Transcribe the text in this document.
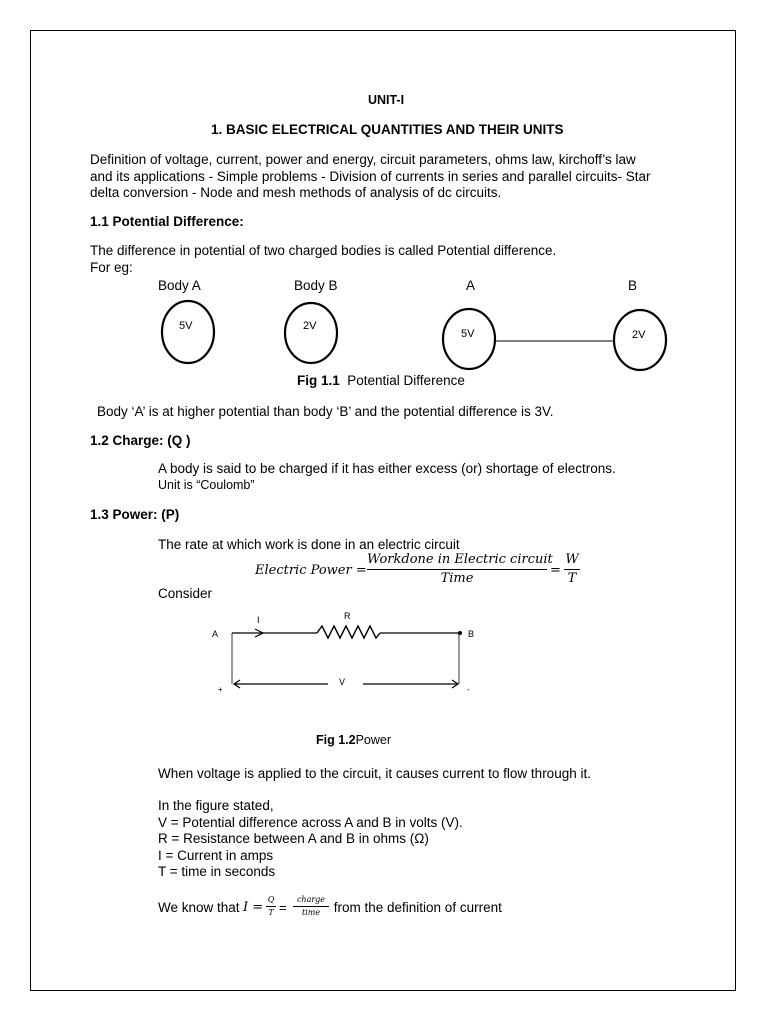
UNIT-I
1. BASIC ELECTRICAL QUANTITIES AND THEIR UNITS
Definition of voltage, current, power and energy, circuit parameters, ohms law, kirchoff’s law
and its applications - Simple problems - Division of currents in series and parallel circuits- Star
delta conversion - Node and mesh methods of analysis of dc circuits.
1.1 Potential Difference:
The difference in potential of two charged bodies is called Potential difference.
For eg:
Body A	Body B	A	B
5V	2V
5V	2V
Fig 1.1  Potential Difference
Body ‘A’ is at higher potential than body ‘B’ and the potential difference is 3V.
1.2 Charge: (Q )
A body is said to be charged if it has either excess (or) shortage of electrons.
Unit is “Coulomb”
1.3 Power: (P)
The rate at which work is done in an electric circuit
Electric Power =
Workdone in Electric circuit
Time
=
W
T
Consider
A	B
I	R
+	-
V
Fig 1.2Power
When voltage is applied to the circuit, it causes current to flow through it.
In the figure stated,
V = Potential difference across A and B in volts (V).
R = Resistance between A and B in ohms (Ω)
I = Current in amps
T = time in seconds
We know that I =
Q
T =
charge
time from the definition of current
